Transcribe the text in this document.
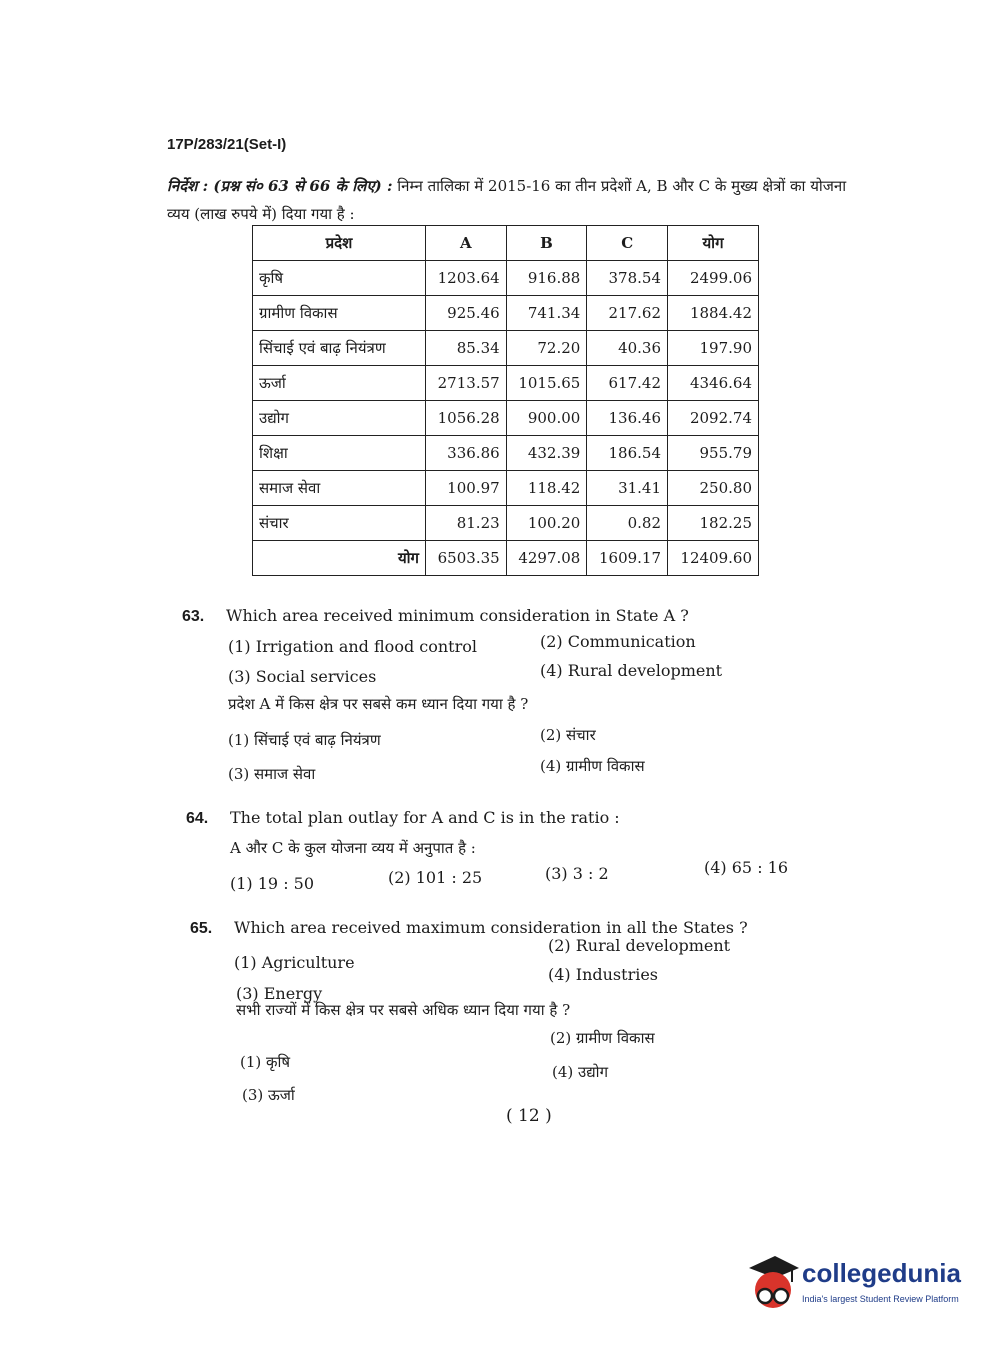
17P/283/21(Set-I)
निर्देश : (प्रश्न सं० 63 से 66 के लिए) : निम्न तालिका में 2015-16 का तीन प्रदेशों A, B और C के मुख्य क्षेत्रों का योजना व्यय (लाख रुपये में) दिया गया है :
प्रदेश	A	B	C	योग
कृषि	1203.64	916.88	378.54	2499.06
ग्रामीण विकास	925.46	741.34	217.62	1884.42
सिंचाई एवं बाढ़ नियंत्रण	85.34	72.20	40.36	197.90
ऊर्जा	2713.57	1015.65	617.42	4346.64
उद्योग	1056.28	900.00	136.46	2092.74
शिक्षा	336.86	432.39	186.54	955.79
समाज सेवा	100.97	118.42	31.41	250.80
संचार	81.23	100.20	0.82	182.25
योग	6503.35	4297.08	1609.17	12409.60
63. Which area received minimum consideration in State A ?
(1) Irrigation and flood control	(2) Communication
(3) Social services	(4) Rural development
प्रदेश A में किस क्षेत्र पर सबसे कम ध्यान दिया गया है ?
(1) सिंचाई एवं बाढ़ नियंत्रण	(2) संचार
(3) समाज सेवा	(4) ग्रामीण विकास
64. The total plan outlay for A and C is in the ratio :
A और C के कुल योजना व्यय में अनुपात है :
(1) 19 : 50	(2) 101 : 25	(3) 3 : 2	(4) 65 : 16
65. Which area received maximum consideration in all the States ?
(1) Agriculture
(2) Rural development
(3) Energy
(4) Industries
सभी राज्यों में किस क्षेत्र पर सबसे अधिक ध्यान दिया गया है ?
(1) कृषि
(2) ग्रामीण विकास
(3) ऊर्जा
(4) उद्योग
( 12 )
collegedunia
India's largest Student Review Platform
